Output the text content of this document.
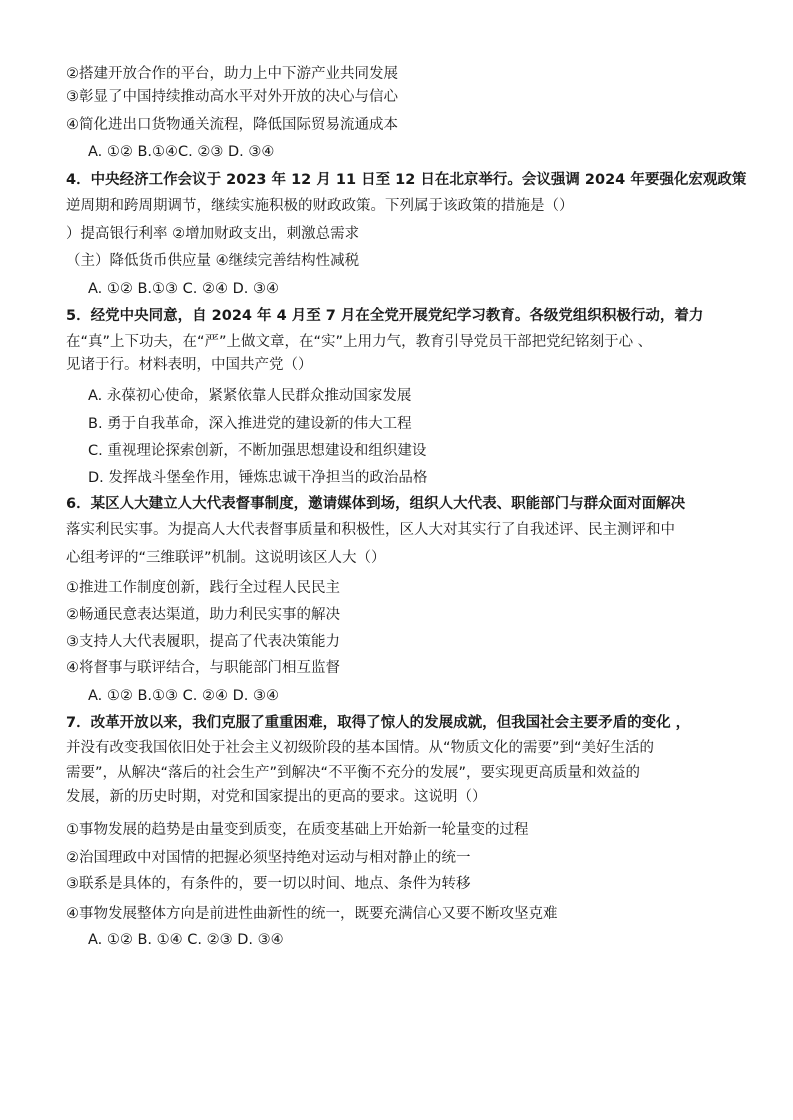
②搭建开放合作的平台，助力上中下游产业共同发展
③彰显了中国持续推动高水平对外开放的决心与信心
④简化进出口货物通关流程，降低国际贸易流通成本
A. ①② B.①④C. ②③ D. ③④
4．中央经济工作会议于 2023 年 12 月 11 日至 12 日在北京举行。会议强调 2024 年要强化宏观政策
逆周期和跨周期调节，继续实施积极的财政政策。下列属于该政策的措施是（）
）提高银行利率 ②增加财政支出，刺激总需求
（主）降低货币供应量 ④继续完善结构性减税
A. ①② B.①③ C. ②④ D. ③④
5．经党中央同意，自 2024 年 4 月至 7 月在全党开展党纪学习教育。各级党组织积极行动，着力
在“真”上下功夫，在“严”上做文章，在“实”上用力气，教育引导党员干部把党纪铭刻于心 、
见诸于行。材料表明，中国共产党（）
A. 永葆初心使命，紧紧依靠人民群众推动国家发展
B. 勇于自我革命，深入推进党的建设新的伟大工程
C. 重视理论探索创新，不断加强思想建设和组织建设
D. 发挥战斗堡垒作用，锤炼忠诚干净担当的政治品格
6．某区人大建立人大代表督事制度，邀请媒体到场，组织人大代表、职能部门与群众面对面解决
落实利民实事。为提高人大代表督事质量和积极性，区人大对其实行了自我述评、民主测评和中
心组考评的“三维联评”机制。这说明该区人大（）
①推进工作制度创新，践行全过程人民民主
②畅通民意表达渠道，助力利民实事的解决
③支持人大代表履职，提高了代表决策能力
④将督事与联评结合，与职能部门相互监督
A. ①② B.①③ C. ②④ D. ③④
7．改革开放以来，我们克服了重重困难，取得了惊人的发展成就，但我国社会主要矛盾的变化 ，
并没有改变我国依旧处于社会主义初级阶段的基本国情。从“物质文化的需要”到“美好生活的
需要”，从解决“落后的社会生产”到解决“不平衡不充分的发展”，要实现更高质量和效益的
发展，新的历史时期，对党和国家提出的更高的要求。这说明（）
①事物发展的趋势是由量变到质变，在质变基础上开始新一轮量变的过程
②治国理政中对国情的把握必须坚持绝对运动与相对静止的统一
③联系是具体的，有条件的，要一切以时间、地点、条件为转移
④事物发展整体方向是前进性曲新性的统一，既要充满信心又要不断攻坚克难
A. ①② B. ①④ C. ②③ D. ③④
